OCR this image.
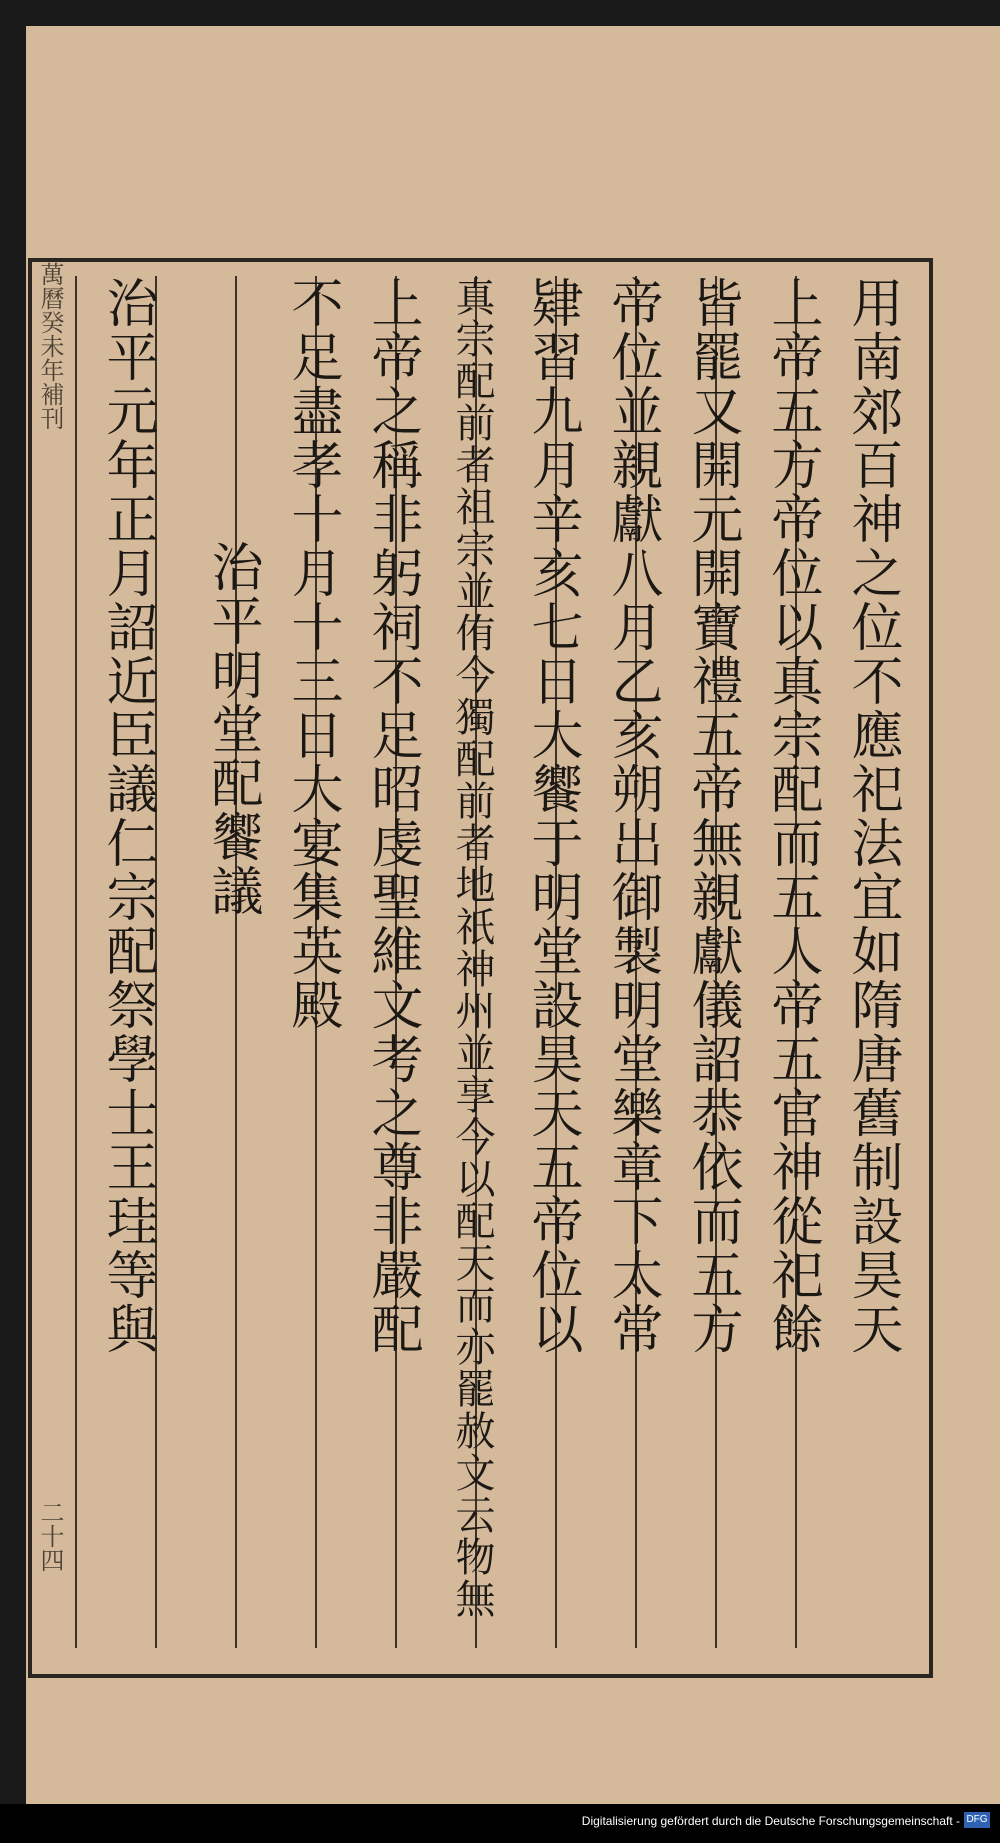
萬曆癸未年補刊
二十四
用南郊百神之位不應祀法宜如隋唐舊制設昊天
上帝五方帝位以真宗配而五人帝五官神從祀餘
皆罷又開元開寶禮五帝無親獻儀詔恭依而五方
帝位並親獻八月乙亥朔出御製明堂樂章下太常
肄習九月辛亥七日大饗于明堂設昊天五帝位以
真宗配前者祖宗並侑今獨配前者地祇神州並享今以配天而亦罷赦文云物無
上帝之稱非躬祠不足昭虔聖維文考之尊非嚴配
不足盡孝十月十三日大宴集英殿
治平明堂配饗議
治平元年正月詔近臣議仁宗配祭學士王珪等與
Digitalisierung gefördert durch die Deutsche Forschungsgemeinschaft - DFG
